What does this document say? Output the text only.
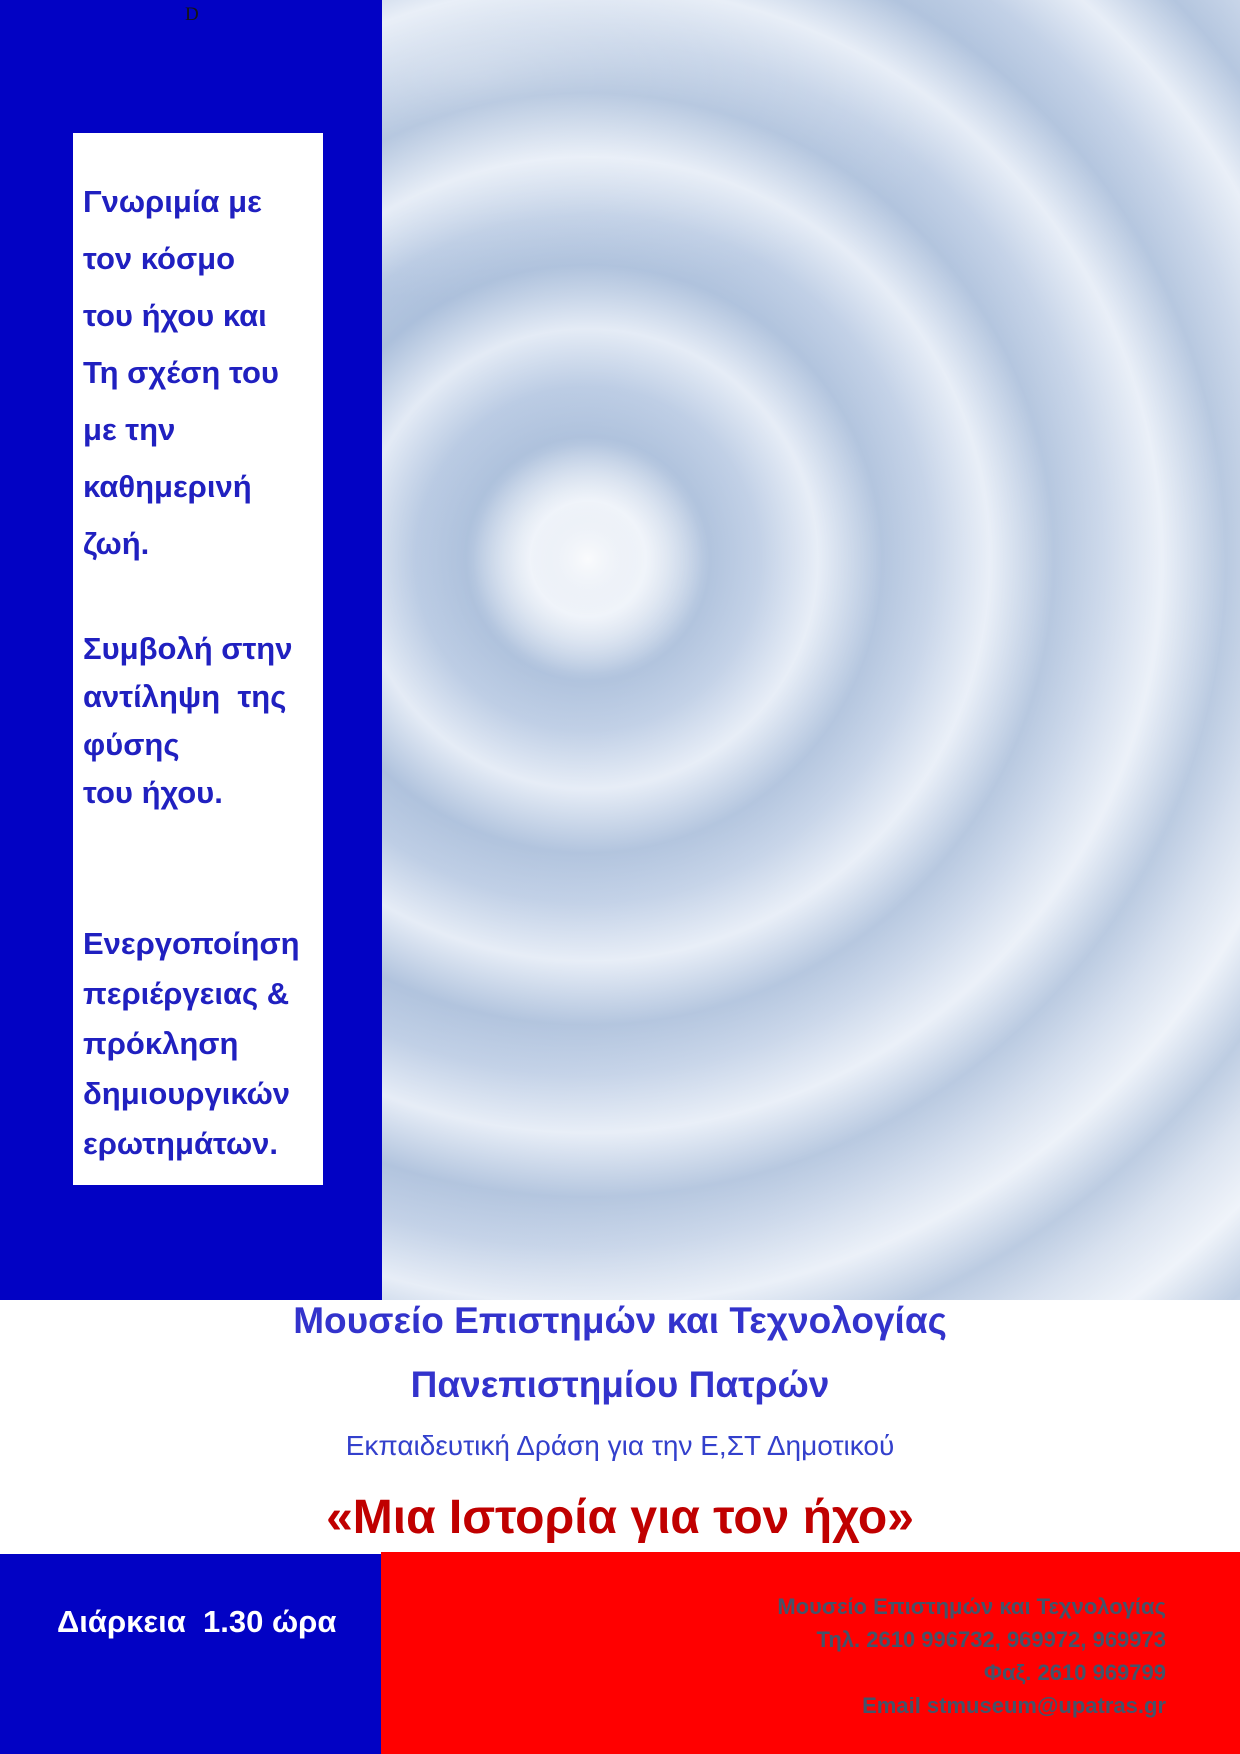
D
Γνωριμία με
τον κόσμο
του ήχου και
Τη σχέση του
με την
καθημερινή
ζωή.
Συμβολή στην
αντίληψη  της
φύσης
του ήχου.
Ενεργοποίηση
περιέργειας &
πρόκληση
δημιουργικών
ερωτημάτων.
Μουσείο Επιστημών και Τεχνολογίας
Πανεπιστημίου Πατρών
Εκπαιδευτική Δράση για την Ε,ΣΤ Δημοτικού
«Μια Ιστορία για τον ήχο»
Διάρκεια  1.30 ώρα	Μουσείο Επιστημών και Τεχνολογίας
Τηλ. 2610 996732, 969972, 969973
Φαξ. 2610 969799
Email stmuseum@upatras.gr
